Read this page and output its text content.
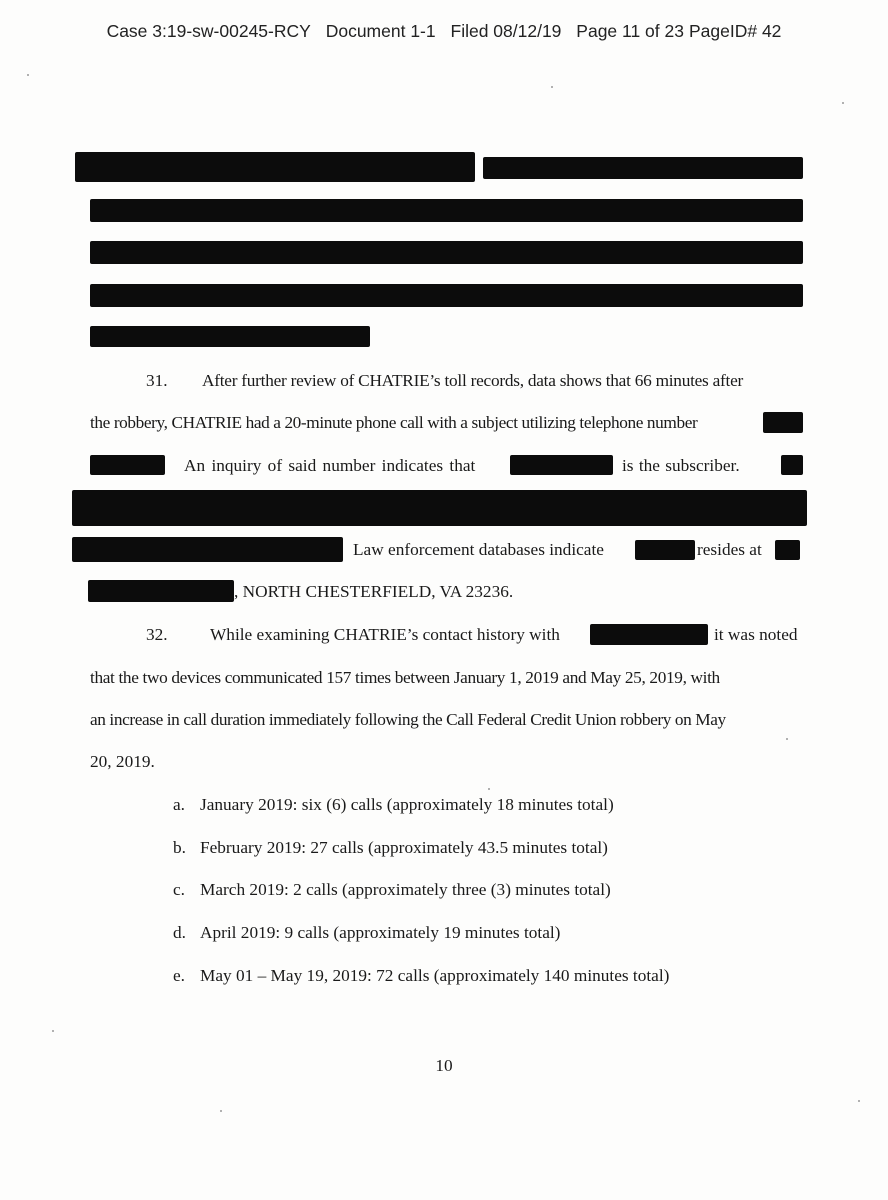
Case 3:19-sw-00245-RCY Document 1-1 Filed 08/12/19 Page 11 of 23 PageID# 42
31. After further review of CHATRIE’s toll records, data shows that 66 minutes after
the robbery, CHATRIE had a 20-minute phone call with a subject utilizing telephone number
An inquiry of said number indicates that	is the subscriber.
Law enforcement databases indicate	resides at
, NORTH CHESTERFIELD, VA 23236.
32. While examining CHATRIE’s contact history with	it was noted
that the two devices communicated 157 times between January 1, 2019 and May 25, 2019, with
an increase in call duration immediately following the Call Federal Credit Union robbery on May
20, 2019.
a. January 2019: six (6) calls (approximately 18 minutes total)
b. February 2019: 27 calls (approximately 43.5 minutes total)
c. March 2019: 2 calls (approximately three (3) minutes total)
d. April 2019: 9 calls (approximately 19 minutes total)
e. May 01 – May 19, 2019: 72 calls (approximately 140 minutes total)
10
